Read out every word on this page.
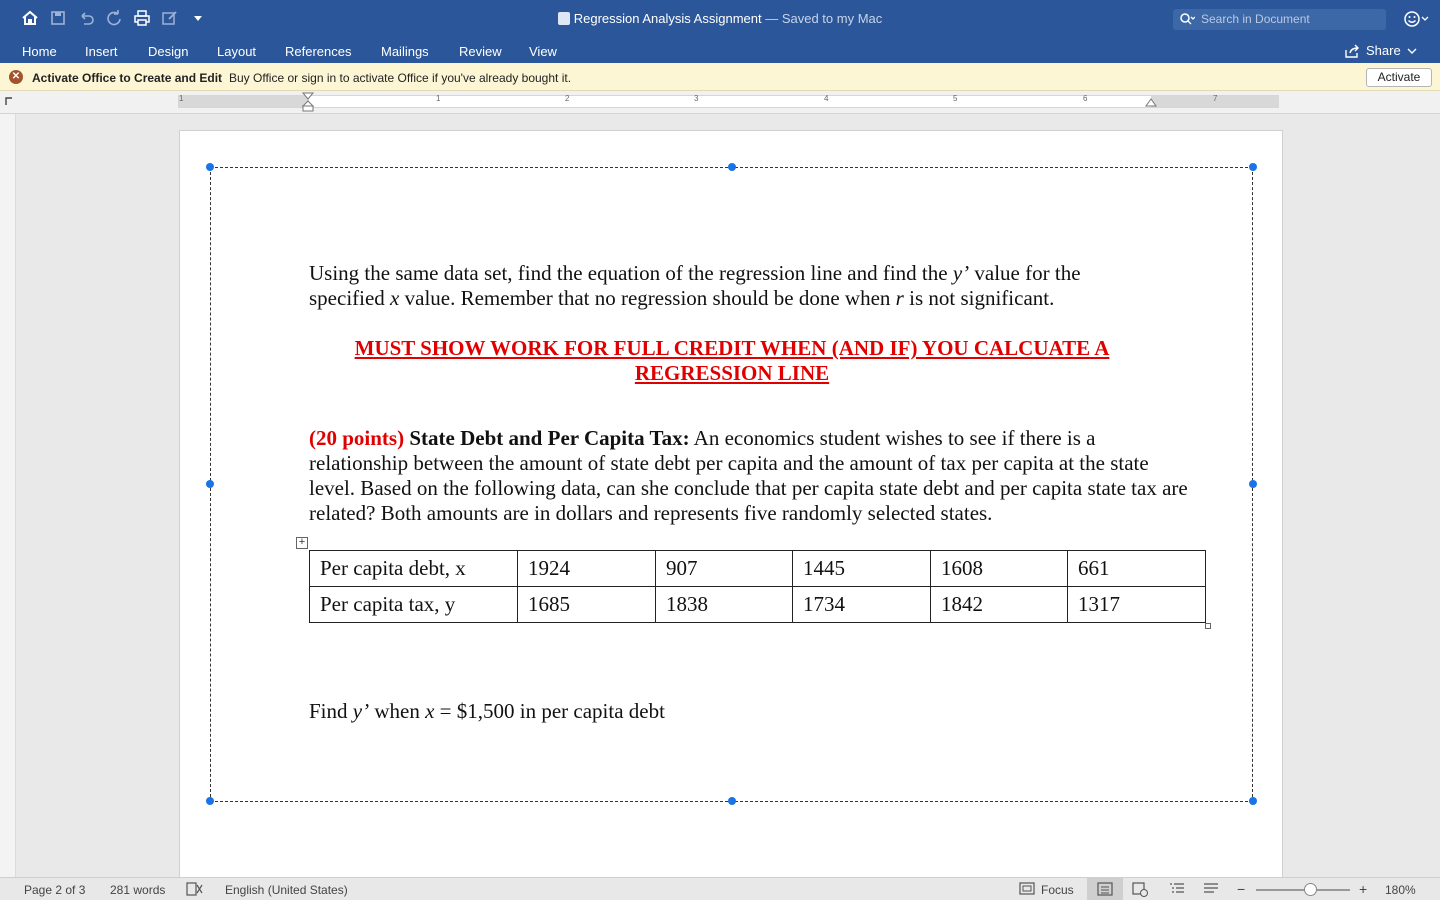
Regression Analysis Assignment — Saved to my Mac	Search in Document
Home Insert Design Layout References Mailings Review View	Share
✕ Activate Office to Create and Edit Buy Office or sign in to activate Office if you've already bought it.	Activate
1	1	2	3	4	5	6	7

Using the same data set, find the equation of the regression line and find the y’ value for the specified x value. Remember that no regression should be done when r is not significant.

MUST SHOW WORK FOR FULL CREDIT WHEN (AND IF) YOU CALCUATE A REGRESSION LINE

(20 points) State Debt and Per Capita Tax: An economics student wishes to see if there is a relationship between the amount of state debt per capita and the amount of tax per capita at the state level. Based on the following data, can she conclude that per capita state debt and per capita state tax are related? Both amounts are in dollars and represents five randomly selected states.

+
Per capita debt, x	1924	907	1445	1608	661
Per capita tax, y	1685	1838	1734	1842	1317

Find y’ when x = $1,500 in per capita debt

Page 2 of 3 281 words	English (United States)	Focus	−	+ 180%
